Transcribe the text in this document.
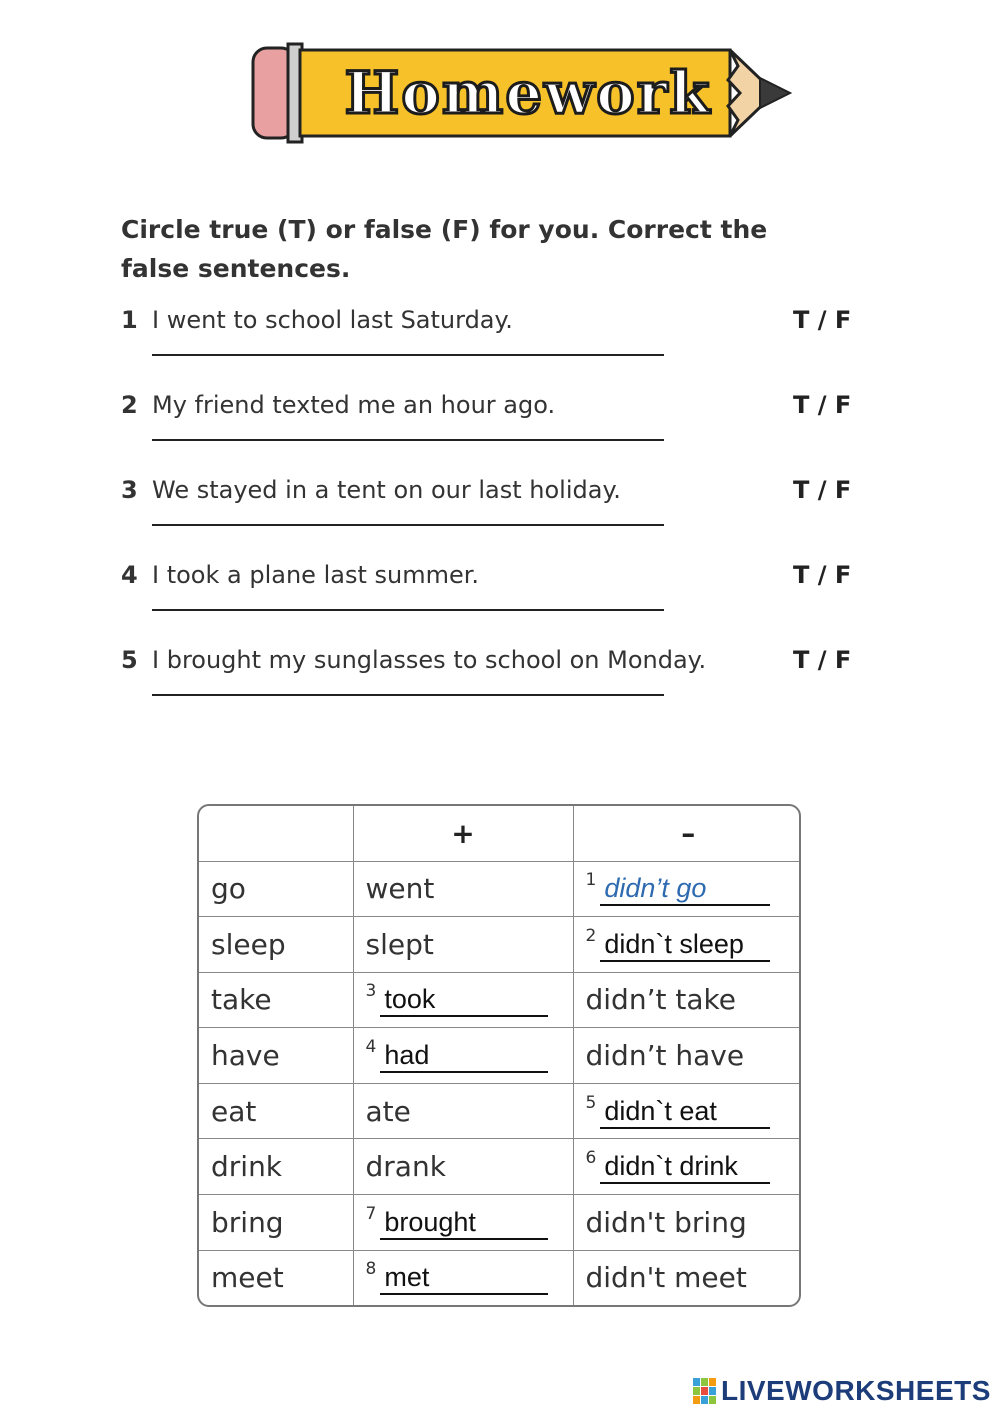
Homework
Circle true (T) or false (F) for you. Correct the false sentences.
1 I went to school last Saturday.	T / F
2 My friend texted me an hour ago.	T / F
3 We stayed in a tent on our last holiday.	T / F
4 I took a plane last summer.	T / F
5 I brought my sunglasses to school on Monday.	T / F
	+	–
go	went	$^1$ didn’t go
sleep	slept	$^2$ didn`t sleep
take	$^3$ took	didn’t take
have	$^4$ had	didn’t have
eat	ate	$^5$ didn`t eat
drink	drank	$^6$ didn`t drink
bring	$^7$ brought	didn't bring
meet	$^8$ met	didn't meet
LIVEWORKSHEETS
